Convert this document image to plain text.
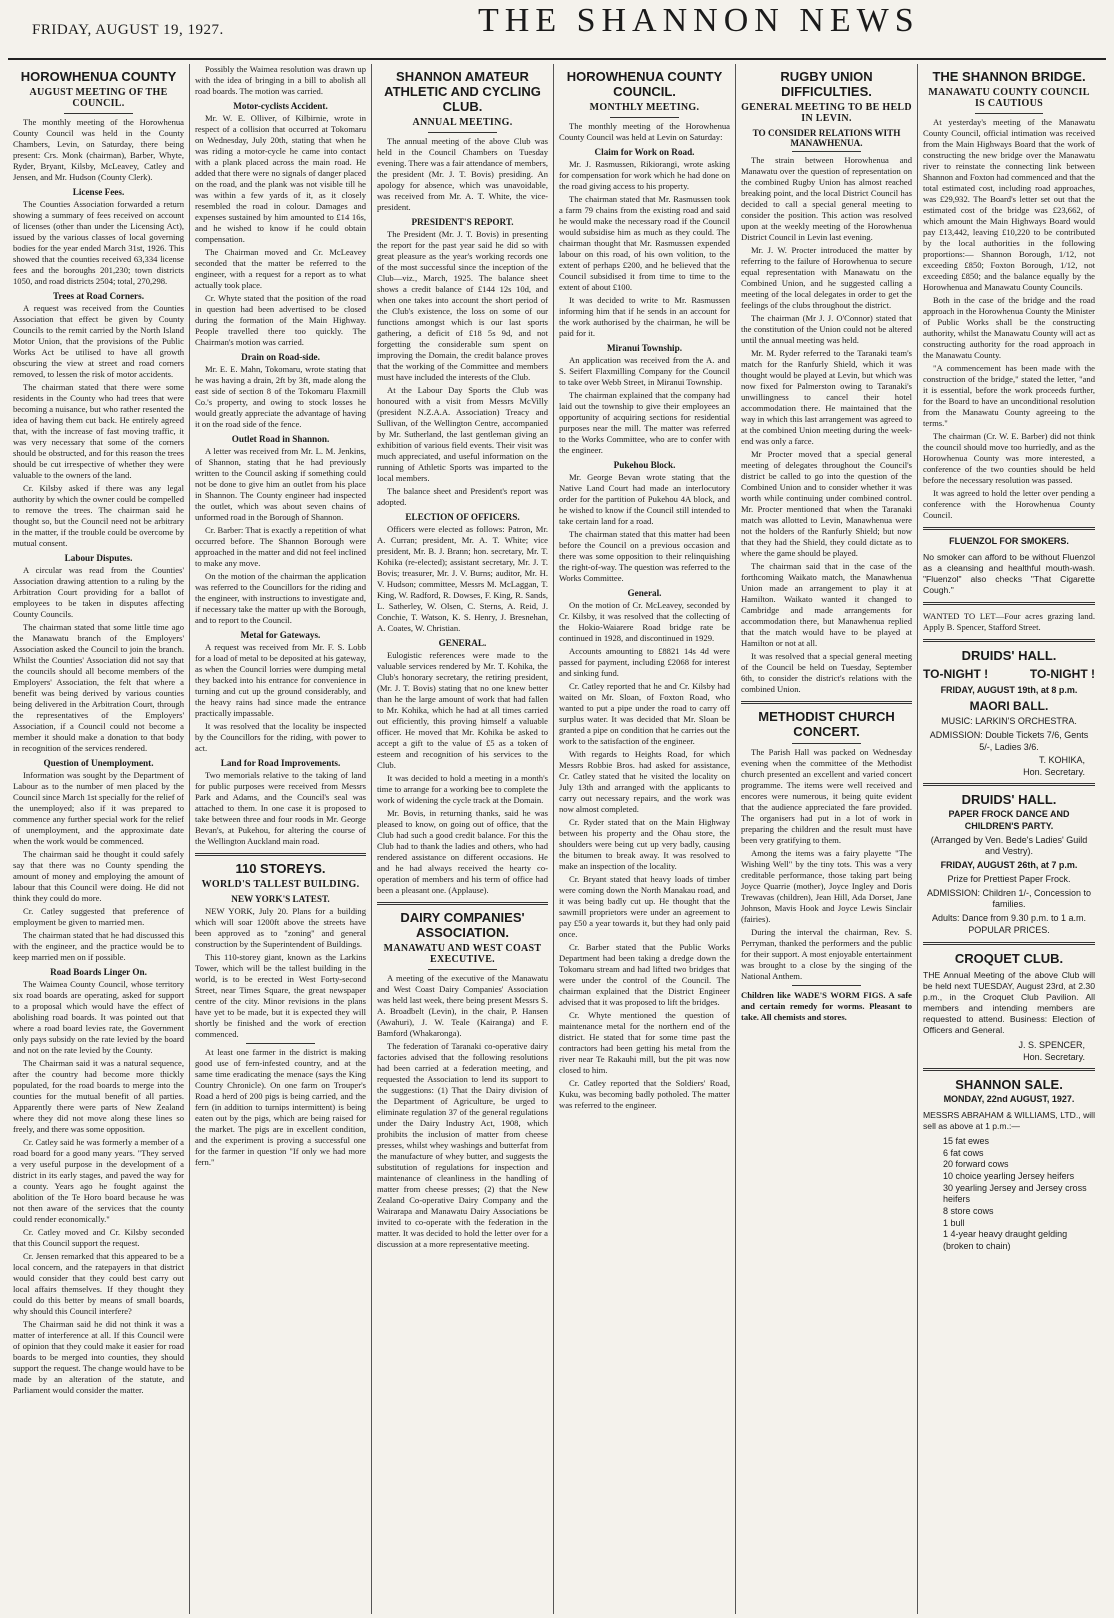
FRIDAY, AUGUST 19, 1927.	THE SHANNON NEWS
HOROWHENUA COUNTY
AUGUST MEETING OF THE COUNCIL.

The monthly meeting of the Horowhenua County Council was held in the County Chambers, Levin, on Saturday, there being present: Crs. Monk (chairman), Barber, Whyte, Ryder, Bryant, Kilsby, McLeavey, Catley and Jensen, and Mr. Hudson (County Clerk).

License Fees.

The Counties Association forwarded a return showing a summary of fees received on account of licenses (other than under the Licensing Act), issued by the various classes of local governing bodies for the year ended March 31st, 1926. This showed that the counties received 63,334 license fees and the boroughs 201,230; town districts 1050, and road districts 2504; total, 270,298.

Trees at Road Corners.

A request was received from the Counties Association that effect be given by County Councils to the remit carried by the North Island Motor Union, that the provisions of the Public Works Act be utilised to have all growth obscuring the view at street and road corners removed, to lessen the risk of motor accidents.

The chairman stated that there were some residents in the County who had trees that were becoming a nuisance, but who rather resented the idea of having them cut back. He entirely agreed that, with the increase of fast moving traffic, it was very necessary that some of the corners should be obstructed, and for this reason the trees should be cut irrespective of whether they were valuable to the owners of the land.

Cr. Kilsby asked if there was any legal authority by which the owner could be compelled to remove the trees. The chairman said he thought so, but the Council need not be arbitrary in the matter, if the trouble could be overcome by mutual consent.

Labour Disputes.

A circular was read from the Counties' Association drawing attention to a ruling by the Arbitration Court providing for a ballot of employees to be taken in disputes affecting County Councils.

The chairman stated that some little time ago the Manawatu branch of the Employers' Association asked the Council to join the branch. Whilst the Counties' Association did not say that the councils should all become members of the Employers' Association, the felt that where a benefit was being derived by various counties being delivered in the Arbitration Court, through the representatives of the Employers' Association, if a Council could not become a member it should make a donation to that body in recognition of the services rendered.

Question of Unemployment.

Information was sought by the Department of Labour as to the number of men placed by the Council since March 1st specially for the relief of the unemployed; also if it was prepared to commence any further special work for the relief of unemployment, and the approximate date when the work would be commenced.

The chairman said he thought it could safely say that there was no County spending the amount of money and employing the amount of labour that this Council were doing. He did not think they could do more.

Cr. Catley suggested that preference of employment be given to married men.

The chairman stated that he had discussed this with the engineer, and the practice would be to keep married men on if possible.

Road Boards Linger On.

The Waimea County Council, whose territory six road boards are operating, asked for support to a proposal which would have the effect of abolishing road boards. It was pointed out that where a road board levies rate, the Government only pays subsidy on the rate levied by the board and not on the rate levied by the County.

The Chairman said it was a natural sequence, after the country had become more thickly populated, for the road boards to merge into the counties for the mutual benefit of all parties. Apparently there were parts of New Zealand where they did not move along these lines so freely, and there was some opposition.

Cr. Catley said he was formerly a member of a road board for a good many years. "They served a very useful purpose in the development of a district in its early stages, and paved the way for a county. Years ago he fought against the abolition of the Te Horo board because he was not then aware of the services that the county could render economically."

Cr. Catley moved and Cr. Kilsby seconded that this Council support the request.

Cr. Jensen remarked that this appeared to be a local concern, and the ratepayers in that district would consider that they could best carry out local affairs themselves. If they thought they could do this better by means of small boards, why should this Council interfere?

The Chairman said he did not think it was a matter of interference at all. If this Council were of opinion that they could make it easier for road boards to be merged into counties, they should support the request. The change would have to be made by an alteration of the statute, and Parliament would consider the matter.

Possibly the Waimea resolution was drawn up with the idea of bringing in a bill to abolish all road boards. The motion was carried.

Motor-cyclists Accident.

Mr. W. E. Olliver, of Kilbirnie, wrote in respect of a collision that occurred at Tokomaru on Wednesday, July 20th, stating that when he was riding a motor-cycle he came into contact with a plank placed across the main road. He added that there were no signals of danger placed on the road, and the plank was not visible till he was within a few yards of it, as it closely resembled the road in colour. Damages and expenses sustained by him amounted to £14 16s, and he wished to know if he could obtain compensation.

The Chairman moved and Cr. McLeavey seconded that the matter be referred to the engineer, with a request for a report as to what actually took place.

Cr. Whyte stated that the position of the road in question had been advertised to be closed during the formation of the Main Highway. People travelled there too quickly. The Chairman's motion was carried.

Drain on Road-side.

Mr. E. E. Mahn, Tokomaru, wrote stating that he was having a drain, 2ft by 3ft, made along the east side of section 8 of the Tokomaru Flaxmill Co.'s property, and owing to stock losses he would greatly appreciate the advantage of having it on the road side of the fence.

Outlet Road in Shannon.

A letter was received from Mr. L. M. Jenkins, of Shannon, stating that he had previously written to the Council asking if something could not be done to give him an outlet from his place in Shannon. The County engineer had inspected the outlet, which was about seven chains of unformed road in the Borough of Shannon.

Cr. Barber: That is exactly a repetition of what occurred before. The Shannon Borough were approached in the matter and did not feel inclined to make any move.

On the motion of the chairman the application was referred to the Councillors for the riding and the engineer, with instructions to investigate and, if necessary take the matter up with the Borough, and to report to the Council.

Metal for Gateways.

A request was received from Mr. F. S. Lobb for a load of metal to be deposited at his gateway, as when the Council lorries were dumping metal they backed into his entrance for convenience in turning and cut up the ground considerably, and the heavy rains had since made the entrance practically impassable.

It was resolved that the locality be inspected by the Councillors for the riding, with power to act.

Land for Road Improvements.

Two memorials relative to the taking of land for public purposes were received from Messrs Park and Adams, and the Council's seal was attached to them. In one case it is proposed to take between three and four roods in Mr. George Bevan's, at Pukehou, for altering the course of the Wellington Auckland main road.

110 STOREYS.
WORLD'S TALLEST BUILDING.
NEW YORK'S LATEST.

NEW YORK, July 20. Plans for a building which will soar 1200ft above the streets have been approved as to "zoning" and general construction by the Superintendent of Buildings.

This 110-storey giant, known as the Larkins Tower, which will be the tallest building in the world, is to be erected in West Forty-second Street, near Times Square, the great newspaper centre of the city. Minor revisions in the plans have yet to be made, but it is expected they will shortly be finished and the work of erection commenced.

At least one farmer in the district is making good use of fern-infested country, and at the same time eradicating the menace (says the King Country Chronicle). On one farm on Trouper's Road a herd of 200 pigs is being carried, and the fern (in addition to turnips intermittent) is being eaten out by the pigs, which are being raised for the market. The pigs are in excellent condition, and the experiment is proving a successful one for the farmer in question "If only we had more fern."

SHANNON AMATEUR ATHLETIC AND CYCLING CLUB.
ANNUAL MEETING.

The annual meeting of the above Club was held in the Council Chambers on Tuesday evening. There was a fair attendance of members, the president (Mr. J. T. Bovis) presiding. An apology for absence, which was unavoidable, was received from Mr. A. T. White, the vice-president.

PRESIDENT'S REPORT.

The President (Mr. J. T. Bovis) in presenting the report for the past year said he did so with great pleasure as the year's working records one of the most successful since the inception of the Club—viz., March, 1925. The balance sheet shows a credit balance of £144 12s 10d, and when one takes into account the short period of the Club's existence, the loss on some of our functions amongst which is our last sports gathering, a deficit of £18 5s 9d, and not forgetting the considerable sum spent on improving the Domain, the credit balance proves that the working of the Committee and members must have included the interests of the Club.

At the Labour Day Sports the Club was honoured with a visit from Messrs McVilly (president N.Z.A.A. Association) Treacy and Sullivan, of the Wellington Centre, accompanied by Mr. Sutherland, the last gentleman giving an exhibition of various field events. Their visit was much appreciated, and useful information on the running of Athletic Sports was imparted to the local members.

The balance sheet and President's report was adopted.

ELECTION OF OFFICERS.

Officers were elected as follows: Patron, Mr. A. Curran; president, Mr. A. T. White; vice president, Mr. B. J. Brann; hon. secretary, Mr. T. Kohika (re-elected); assistant secretary, Mr. J. T. Bovis; treasurer, Mr. J. V. Burns; auditor, Mr. H. V. Hudson; committee, Messrs M. McLaggan, T. King, W. Radford, R. Dowses, F. King, R. Sands, L. Satherley, W. Olsen, C. Sterns, A. Reid, J. Conchie, T. Watson, K. S. Henry, J. Bresnehan, A. Coates, W. Christian.

GENERAL.

Eulogistic references were made to the valuable services rendered by Mr. T. Kohika, the Club's honorary secretary, the retiring president, (Mr. J. T. Bovis) stating that no one knew better than he the large amount of work that had fallen to Mr. Kohika, which he had at all times carried out efficiently, this proving himself a valuable officer. He moved that Mr. Kohika be asked to accept a gift to the value of £5 as a token of esteem and recognition of his services to the Club.

It was decided to hold a meeting in a month's time to arrange for a working bee to complete the work of widening the cycle track at the Domain.

Mr. Bovis, in returning thanks, said he was pleased to know, on going out of office, that the Club had such a good credit balance. For this the Club had to thank the ladies and others, who had rendered assistance on different occasions. He and he had always received the hearty co-operation of members and his term of office had been a pleasant one. (Applause).

DAIRY COMPANIES' ASSOCIATION.
MANAWATU AND WEST COAST EXECUTIVE.

A meeting of the executive of the Manawatu and West Coast Dairy Companies' Association was held last week, there being present Messrs S. A. Broadbelt (Levin), in the chair, P. Hansen (Awahuri), J. W. Teale (Kairanga) and F. Bamford (Whakaronga).

The federation of Taranaki co-operative dairy factories advised that the following resolutions had been carried at a federation meeting, and requested the Association to lend its support to the suggestions: (1) That the Dairy division of the Department of Agriculture, be urged to eliminate regulation 37 of the general regulations under the Dairy Industry Act, 1908, which prohibits the inclusion of matter from cheese presses, whilst whey washings and butterfat from the manufacture of whey butter, and suggests the substitution of regulations for inspection and maintenance of cleanliness in the handling of matter from cheese presses; (2) that the New Zealand Co-operative Dairy Company and the Wairarapa and Manawatu Dairy Associations be invited to co-operate with the federation in the matter. It was decided to hold the letter over for a discussion at a more representative meeting.

HOROWHENUA COUNTY COUNCIL.
MONTHLY MEETING.

The monthly meeting of the Horowhenua County Council was held at Levin on Saturday:

Claim for Work on Road.

Mr. J. Rasmussen, Rikiorangi, wrote asking for compensation for work which he had done on the road giving access to his property.

The chairman stated that Mr. Rasmussen took a farm 79 chains from the existing road and said he would make the necessary road if the Council would subsidise him as much as they could. The chairman thought that Mr. Rasmussen expended labour on this road, of his own volition, to the extent of perhaps £200, and he believed that the Council subsidised it from time to time to the extent of about £100.

It was decided to write to Mr. Rasmussen informing him that if he sends in an account for the work authorised by the chairman, he will be paid for it.

Miranui Township.

An application was received from the A. and S. Seifert Flaxmilling Company for the Council to take over Webb Street, in Miranui Township.

The chairman explained that the company had laid out the township to give their employees an opportunity of acquiring sections for residential purposes near the mill. The matter was referred to the Works Committee, who are to confer with the engineer.

Pukehou Block.

Mr. George Bevan wrote stating that the Native Land Court had made an interlocutory order for the partition of Pukehou 4A block, and he wished to know if the Council still intended to take certain land for a road.

The chairman stated that this matter had been before the Council on a previous occasion and there was some opposition to their relinquishing the right-of-way. The question was referred to the Works Committee.

General.

On the motion of Cr. McLeavey, seconded by Cr. Kilsby, it was resolved that the collecting of the Hokio-Waiarere Road bridge rate be continued in 1928, and discontinued in 1929.

Accounts amounting to £8821 14s 4d were passed for payment, including £2068 for interest and sinking fund.

Cr. Catley reported that he and Cr. Kilsby had waited on Mr. Sloan, of Foxton Road, who wanted to put a pipe under the road to carry off surplus water. It was decided that Mr. Sloan be granted a pipe on condition that he carries out the work to the satisfaction of the engineer.

With regards to Heights Road, for which Messrs Robbie Bros. had asked for assistance, Cr. Catley stated that he visited the locality on July 13th and arranged with the applicants to carry out necessary repairs, and the work was now almost completed.

Cr. Ryder stated that on the Main Highway between his property and the Ohau store, the shoulders were being cut up very badly, causing the bitumen to break away. It was resolved to make an inspection of the locality.

Cr. Bryant stated that heavy loads of timber were coming down the North Manakau road, and it was being badly cut up. He thought that the sawmill proprietors were under an agreement to pay £50 a year towards it, but they had only paid once.

Cr. Barber stated that the Public Works Department had been taking a dredge down the Tokomaru stream and had lifted two bridges that were under the control of the Council. The chairman explained that the District Engineer advised that it was proposed to lift the bridges.

Cr. Whyte mentioned the question of maintenance metal for the northern end of the district. He stated that for some time past the contractors had been getting his metal from the river near Te Rakauhi mill, but the pit was now closed to him.

Cr. Catley reported that the Soldiers' Road, Kuku, was becoming badly potholed. The matter was referred to the engineer.

RUGBY UNION DIFFICULTIES.
GENERAL MEETING TO BE HELD IN LEVIN.
TO CONSIDER RELATIONS WITH MANAWHENUA.

The strain between Horowhenua and Manawatu over the question of representation on the combined Rugby Union has almost reached breaking point, and the local District Council has decided to call a special general meeting to consider the position. This action was resolved upon at the weekly meeting of the Horowhenua District Council in Levin last evening.

Mr. J. W. Procter introduced the matter by referring to the failure of Horowhenua to secure equal representation with Manawatu on the Combined Union, and he suggested calling a meeting of the local delegates in order to get the feelings of the clubs throughout the district.

The chairman (Mr J. J. O'Connor) stated that the constitution of the Union could not be altered until the annual meeting was held.

Mr. M. Ryder referred to the Taranaki team's match for the Ranfurly Shield, which it was thought would be played at Levin, but which was now fixed for Palmerston owing to Taranaki's unwillingness to cancel their hotel accommodation there. He maintained that the way in which this last arrangement was agreed to at the combined Union meeting during the week-end was only a farce.

Mr Procter moved that a special general meeting of delegates throughout the Council's district be called to go into the question of the Combined Union and to consider whether it was worth while continuing under combined control. Mr. Procter mentioned that when the Taranaki match was allotted to Levin, Manawhenua were not the holders of the Ranfurly Shield; but now that they had the Shield, they could dictate as to where the game should be played.

The chairman said that in the case of the forthcoming Waikato match, the Manawhenua Union made an arrangement to play it at Hamilton. Waikato wanted it changed to Cambridge and made arrangements for accommodation there, but Manawhenua replied that the match would have to be played at Hamilton or not at all.

It was resolved that a special general meeting of the Council be held on Tuesday, September 6th, to consider the district's relations with the combined Union.

METHODIST CHURCH CONCERT.

The Parish Hall was packed on Wednesday evening when the committee of the Methodist church presented an excellent and varied concert programme. The items were well received and encores were numerous, it being quite evident that the audience appreciated the fare provided. The organisers had put in a lot of work in preparing the children and the result must have been very gratifying to them.

Among the items was a fairy playette "The Wishing Well" by the tiny tots. This was a very creditable performance, those taking part being Joyce Quarrie (mother), Joyce Ingley and Doris Trewavas (children), Jean Hill, Ada Dorset, Jane Johnson, Mavis Hook and Joyce Lewis Sinclair (fairies).

During the interval the chairman, Rev. S. Perryman, thanked the performers and the public for their support. A most enjoyable entertainment was brought to a close by the singing of the National Anthem.

Children like WADE'S WORM FIGS. A safe and certain remedy for worms. Pleasant to take. All chemists and stores.

THE SHANNON BRIDGE.
MANAWATU COUNTY COUNCIL IS CAUTIOUS

At yesterday's meeting of the Manawatu County Council, official intimation was received from the Main Highways Board that the work of constructing the new bridge over the Manawatu river to reinstate the connecting link between Shannon and Foxton had commenced and that the total estimated cost, including road approaches, was £29,932. The Board's letter set out that the estimated cost of the bridge was £23,662, of which amount the Main Highways Board would pay £13,442, leaving £10,220 to be contributed by the local authorities in the following proportions:— Shannon Borough, 1/12, not exceeding £850; Foxton Borough, 1/12, not exceeding £850; and the balance equally by the Horowhenua and Manawatu County Councils.

Both in the case of the bridge and the road approach in the Horowhenua County the Minister of Public Works shall be the constructing authority, whilst the Manawatu County will act as constructing authority for the road approach in the Manawatu County.

"A commencement has been made with the construction of the bridge," stated the letter, "and it is essential, before the work proceeds further, for the Board to have an unconditional resolution from the Manawatu County agreeing to the terms."

The chairman (Cr. W. E. Barber) did not think the council should move too hurriedly, and as the Horowhenua County was more interested, a conference of the two counties should be held before the necessary resolution was passed.

It was agreed to hold the letter over pending a conference with the Horowhenua County Council.

FLUENZOL FOR SMOKERS.

No smoker can afford to be without Fluenzol as a cleansing and healthful mouth-wash. "Fluenzol" also checks "That Cigarette Cough."

WANTED TO LET—Four acres grazing land. Apply B. Spencer, Stafford Street.

DRUIDS' HALL.
TO-NIGHT !	TO-NIGHT !
FRIDAY, AUGUST 19th, at 8 p.m.
MAORI BALL.
MUSIC: LARKIN'S ORCHESTRA.
ADMISSION: Double Tickets 7/6, Gents 5/-, Ladies 3/6.
T. KOHIKA,
Hon. Secretary.
DRUIDS' HALL.
PAPER FROCK DANCE AND CHILDREN'S PARTY.
(Arranged by Ven. Bede's Ladies' Guild and Vestry).
FRIDAY, AUGUST 26th, at 7 p.m.
Prize for Prettiest Paper Frock.
ADMISSION: Children 1/-, Concession to families.
Adults: Dance from 9.30 p.m. to 1 a.m. POPULAR PRICES.
CROQUET CLUB.

THE Annual Meeting of the above Club will be held next TUESDAY, August 23rd, at 2.30 p.m., in the Croquet Club Pavilion. All members and intending members are requested to attend. Business: Election of Officers and General.

J. S. SPENCER,
Hon. Secretary.
SHANNON SALE.
MONDAY, 22nd AUGUST, 1927.

MESSRS ABRAHAM & WILLIAMS, LTD., will sell as above at 1 p.m.:—

15 fat ewes
6 fat cows
20 forward cows
10 choice yearling Jersey heifers
30 yearling Jersey and Jersey cross heifers
8 store cows
1 bull
1 4-year heavy draught gelding (broken to chain)
